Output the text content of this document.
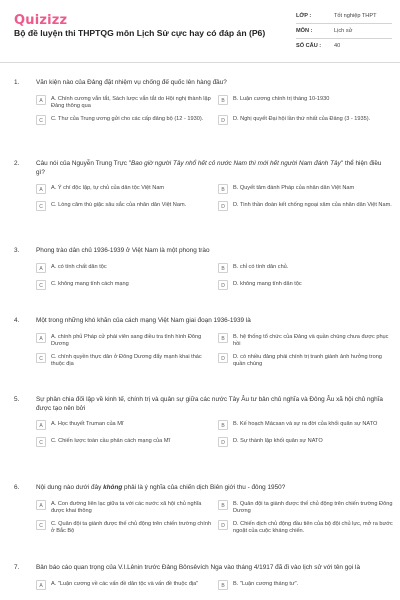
Quizizz
Bộ đề luyện thi THPTQG môn Lịch Sử cực hay có đáp án (P6)
LỚP :	Tốt nghiệp THPT
MÔN :	Lịch sử
SỐ CÂU :	40
1.	Văn kiện nào của Đảng đặt nhiệm vụ chống đế quốc lên hàng đầu?
A	A. Chính cương vắn tắt, Sách lược vắn tắt do Hội nghị thành lập Đảng thông qua
B	B. Luận cương chính trị tháng 10-1930
C	C. Thư của Trung ương gửi cho các cấp đảng bộ (12 - 1930).	D	D. Nghị quyết Đại hội lần thứ nhất của Đảng (3 - 1935).
2.	Câu nói của Nguyễn Trung Trực "Bao giờ người Tây nhổ hết cỏ nước Nam thì mới hết người Nam đánh Tây" thể hiện điều gì?
A	A. Ý chí độc lập, tự chủ của dân tộc Việt Nam	B	B. Quyết tâm đánh Pháp của nhân dân Việt Nam
C	C. Lòng căm thù giặc sâu sắc của nhân dân Việt Nam.	D	D. Tinh thần đoàn kết chống ngoại xâm của nhân dân Việt Nam.
3.	Phong trào dân chủ 1936-1939 ở Việt Nam là một phong trào
A	A. có tính chất dân tộc	B	B. chỉ có tính dân chủ.
C	C. không mang tính cách mạng	D	D. không mang tính dân tộc
4.	Một trong những khó khăn của cách mạng Việt Nam giai đoạn 1936-1939 là
A	A. chính phủ Pháp cử phái viên sang điều tra tình hình Đông Dương
B	B. hệ thống tổ chức của Đảng và quần chúng chưa được phục hồi
C	C. chính quyền thực dân ở Đông Dương đẩy mạnh khai thác thuộc địa
D	D. có nhiều đảng phái chính trị tranh giành ảnh hưởng trong quần chúng
5.	Sự phân chia đối lập về kinh tế, chính trị và quân sự giữa các nước Tây Âu tư bản chủ nghĩa và Đông Âu xã hội chủ nghĩa được tạo nên bởi
A	A. Học thuyết Truman của Mĩ	B	B. Kế hoạch Mácsan và sự ra đời của khối quân sự NATO
C	C. Chiến lược toàn cầu phản cách mạng của Mĩ	D	D. Sự thành lập khối quân sự NATO
6.	Nội dung nào dưới đây không phải là ý nghĩa của chiến dịch Biên giới thu - đông 1950?
A	A. Con đường liên lạc giữa ta với các nước xã hội chủ nghĩa được khai thông
B	B. Quân đội ta giành được thế chủ động trên chiến trường Đông Dương
C	C. Quân đội ta giành được thế chủ động trên chiến trường chính ở Bắc Bộ
D	D. Chiến dịch chủ động đầu tiên của bộ đội chủ lực, mở ra bước ngoặt của cuộc kháng chiến.
7.	Bản báo cáo quan trọng của V.I.Lênin trước Đảng Bônsêvích Nga vào tháng 4/1917 đã đi vào lịch sử với tên gọi là
A	A. "Luận cương về các vấn đề dân tộc và vấn đề thuộc địa"	B	B. "Luận cương tháng tư".
